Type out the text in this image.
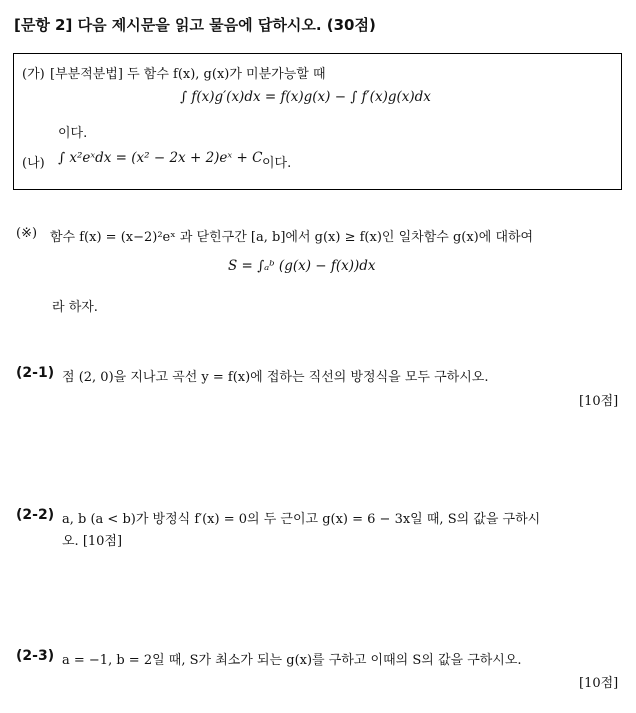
[문항 2] 다음 제시문을 읽고 물음에 답하시오. (30점)
(가) [부분적분법] 두 함수 f(x), g(x)가 미분가능할 때
∫ f(x)g′(x)dx = f(x)g(x) − ∫ f′(x)g(x)dx
이다.
(나) ∫ x²eˣdx = (x² − 2x + 2)eˣ + C 이다.
(※) 함수 f(x) = (x−2)²eˣ 과 닫힌구간 [a, b]에서 g(x) ≥ f(x)인 일차함수 g(x)에 대하여
S = ∫ₐᵇ (g(x) − f(x))dx
라 하자.
(2-1) 점 (2, 0)을 지나고 곡선 y = f(x)에 접하는 직선의 방정식을 모두 구하시오.
[10점]
(2-2) a, b (a < b)가 방정식 f′(x) = 0의 두 근이고 g(x) = 6 − 3x일 때, S의 값을 구하시
오. [10점]
(2-3) a = −1, b = 2일 때, S가 최소가 되는 g(x)를 구하고 이때의 S의 값을 구하시오.
[10점]
